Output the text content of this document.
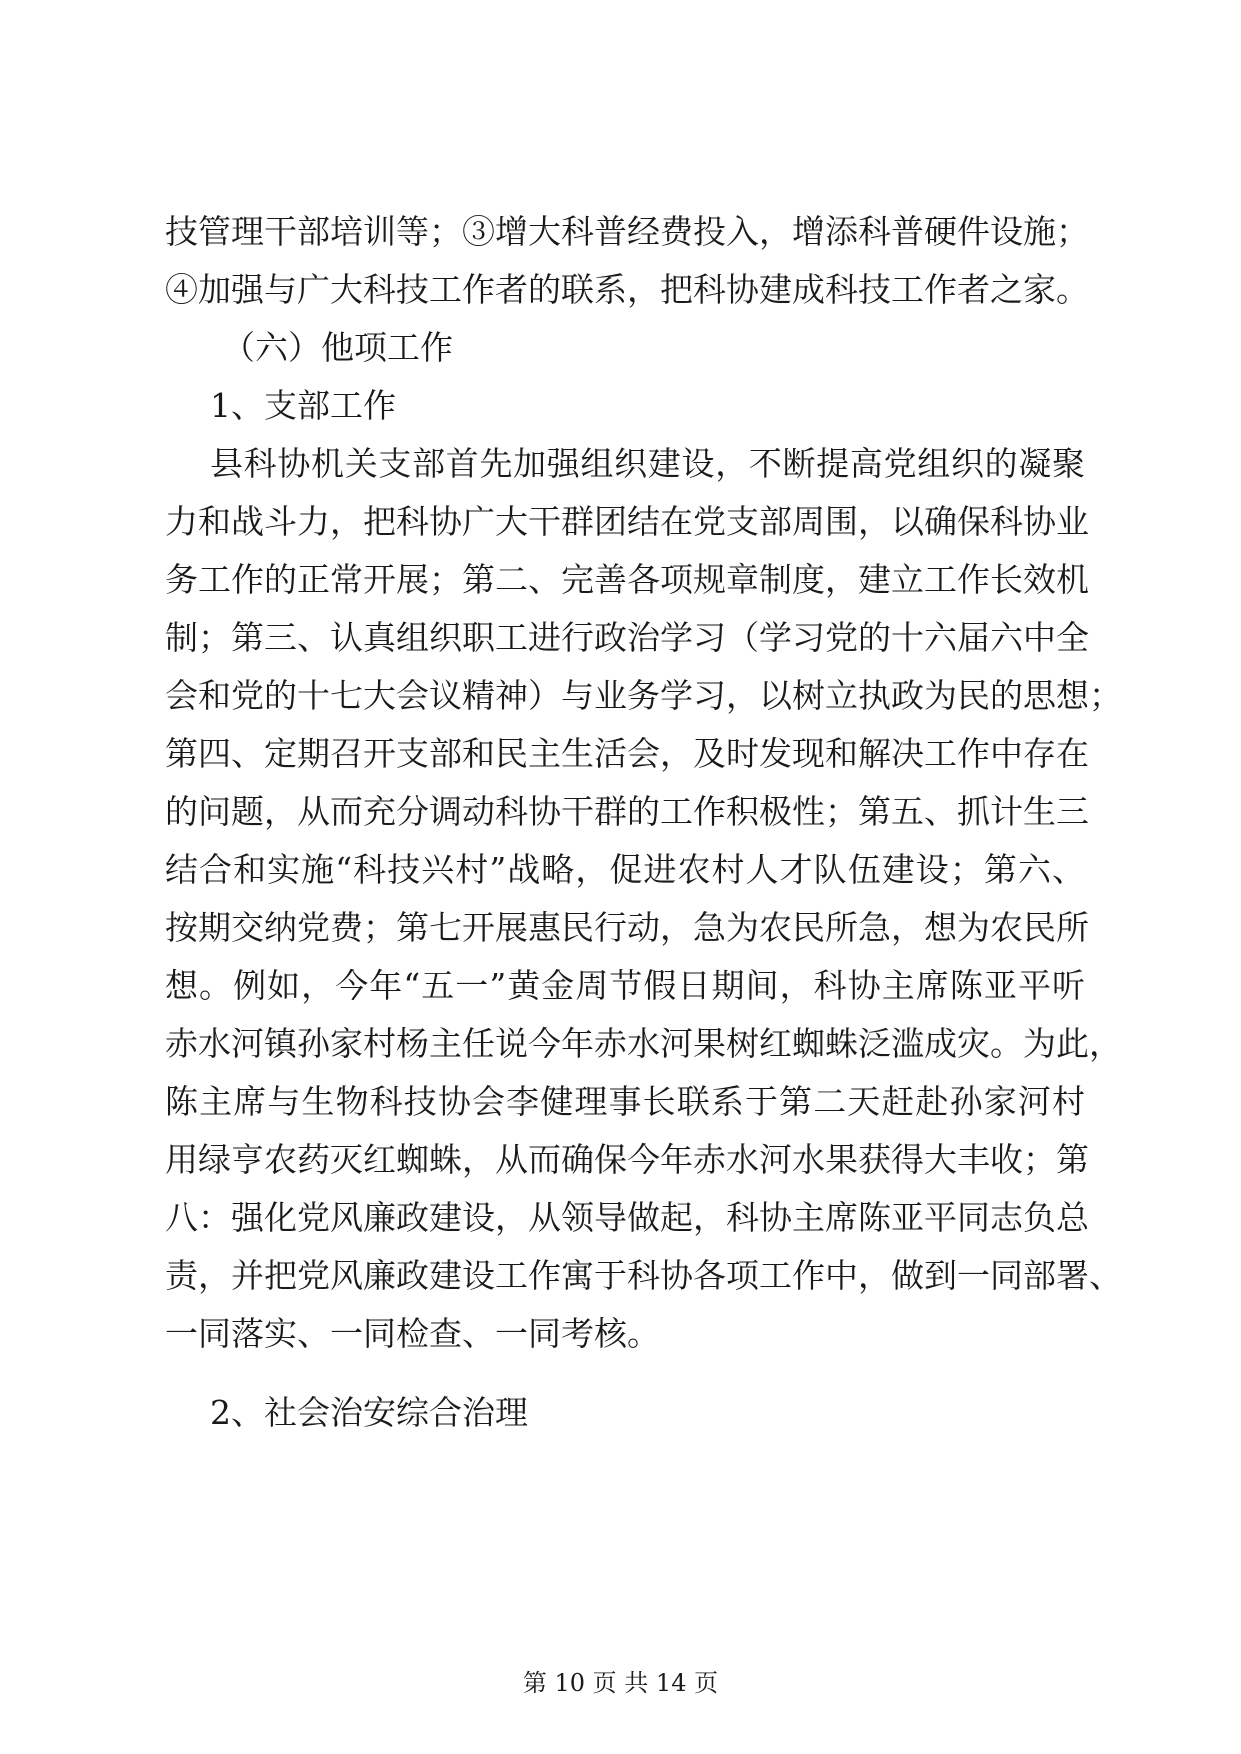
技管理干部培训等；③增大科普经费投入，增添科普硬件设施；
④加强与广大科技工作者的联系，把科协建成科技工作者之家。
（六）他项工作
1、支部工作
县科协机关支部首先加强组织建设，不断提高党组织的凝聚
力和战斗力，把科协广大干群团结在党支部周围，以确保科协业
务工作的正常开展；第二、完善各项规章制度，建立工作长效机
制；第三、认真组织职工进行政治学习（学习党的十六届六中全
会和党的十七大会议精神）与业务学习，以树立执政为民的思想；
第四、定期召开支部和民主生活会，及时发现和解决工作中存在
的问题，从而充分调动科协干群的工作积极性；第五、抓计生三
结合和实施“科技兴村”战略，促进农村人才队伍建设；第六、
按期交纳党费；第七开展惠民行动，急为农民所急，想为农民所
想。例如，今年“五一”黄金周节假日期间，科协主席陈亚平听
赤水河镇孙家村杨主任说今年赤水河果树红蜘蛛泛滥成灾。为此，
陈主席与生物科技协会李健理事长联系于第二天赶赴孙家河村
用绿亨农药灭红蜘蛛，从而确保今年赤水河水果获得大丰收；第
八：强化党风廉政建设，从领导做起，科协主席陈亚平同志负总
责，并把党风廉政建设工作寓于科协各项工作中，做到一同部署、
一同落实、一同检查、一同考核。
2、社会治安综合治理
第 10 页 共 14 页
